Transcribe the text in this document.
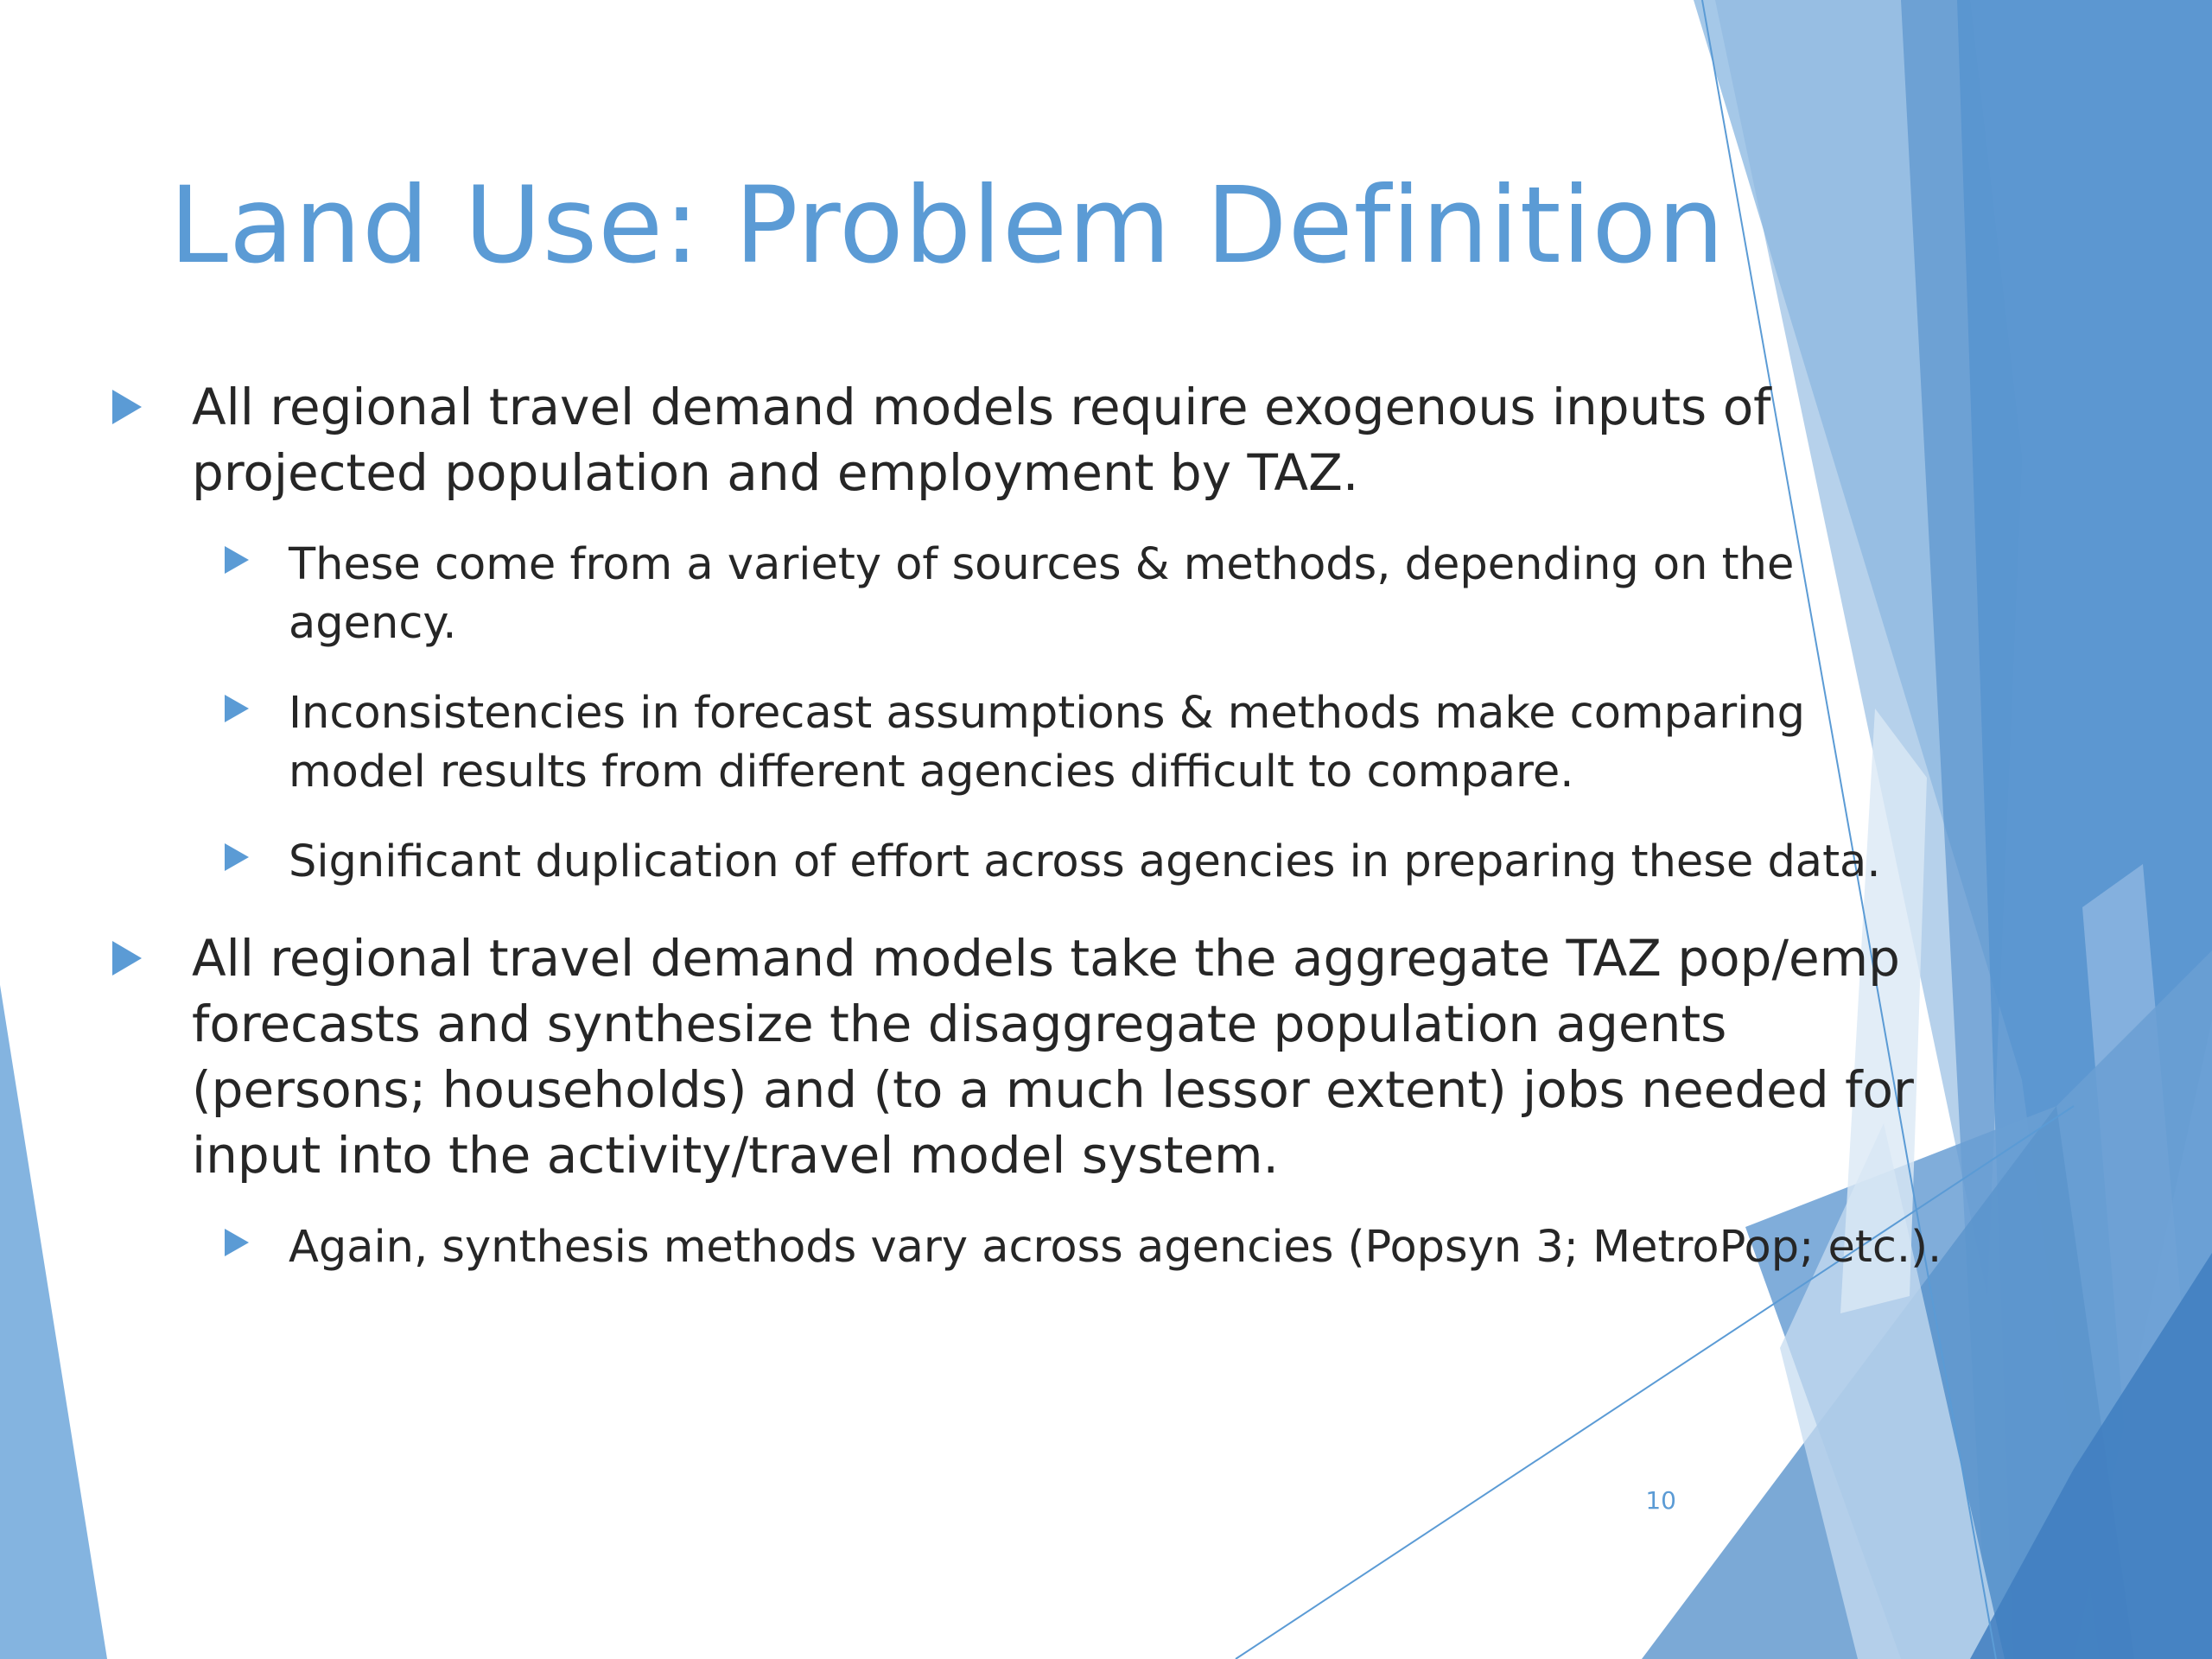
Land Use: Problem Definition
All regional travel demand models require exogenous inputs of projected population and employment by TAZ.
These come from a variety of sources & methods, depending on the agency.
Inconsistencies in forecast assumptions & methods make comparing model results from different agencies difficult to compare.
Significant duplication of effort across agencies in preparing these data.
All regional travel demand models take the aggregate TAZ pop/emp forecasts and synthesize the disaggregate population agents (persons; households) and (to a much lessor extent) jobs needed for input into the activity/travel model system.
Again, synthesis methods vary across agencies (Popsyn 3; MetroPop; etc.).
10
